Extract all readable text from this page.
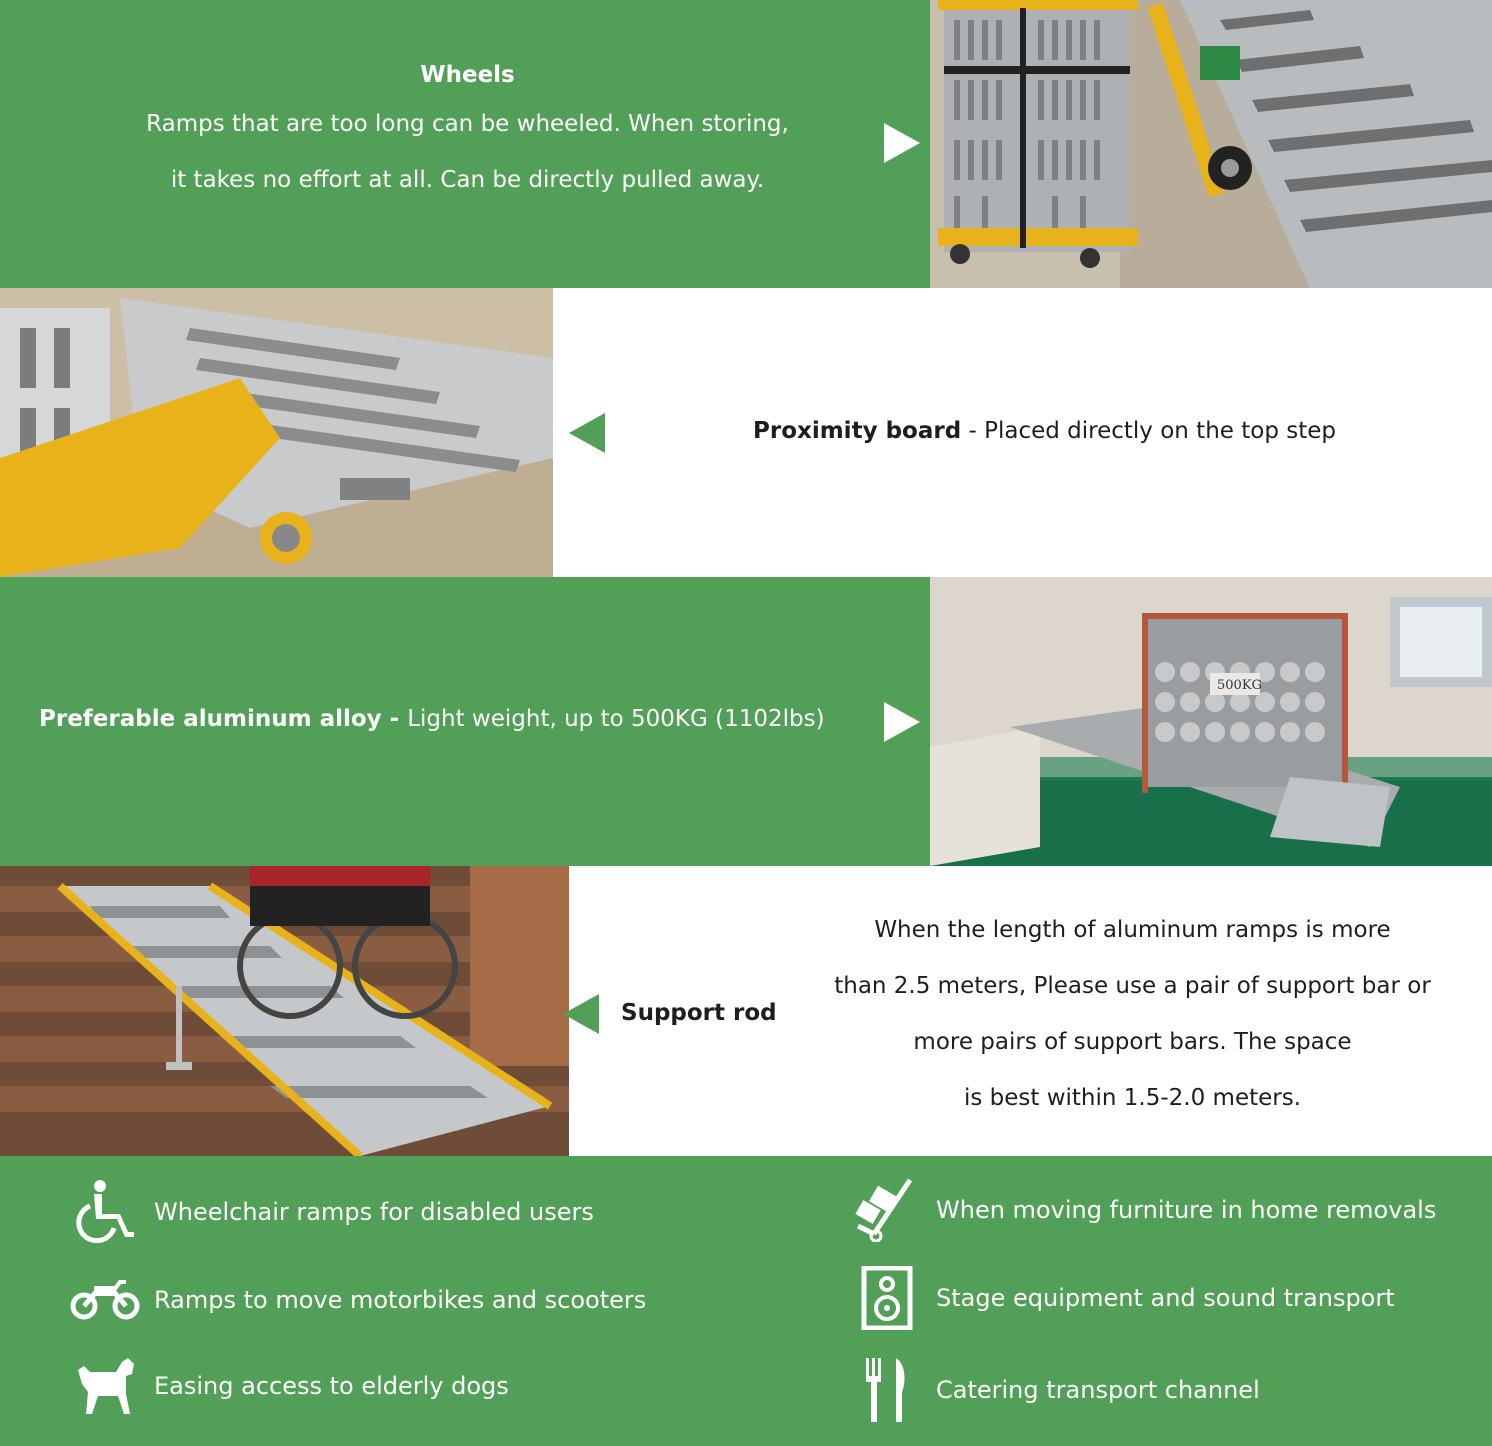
Wheels
Ramps that are too long can be wheeled. When storing,
it takes no effort at all. Can be directly pulled away.
Proximity board - Placed directly on the top step
Preferable aluminum alloy - Light weight, up to 500KG (1102lbs)
500KG
Support rod
When the length of aluminum ramps is more
than 2.5 meters, Please use a pair of support bar or
more pairs of support bars. The space
is best within 1.5-2.0 meters.
Wheelchair ramps for disabled users	When moving furniture in home removals
Ramps to move motorbikes and scooters	Stage equipment and sound transport
Easing access to elderly dogs	Catering transport channel
